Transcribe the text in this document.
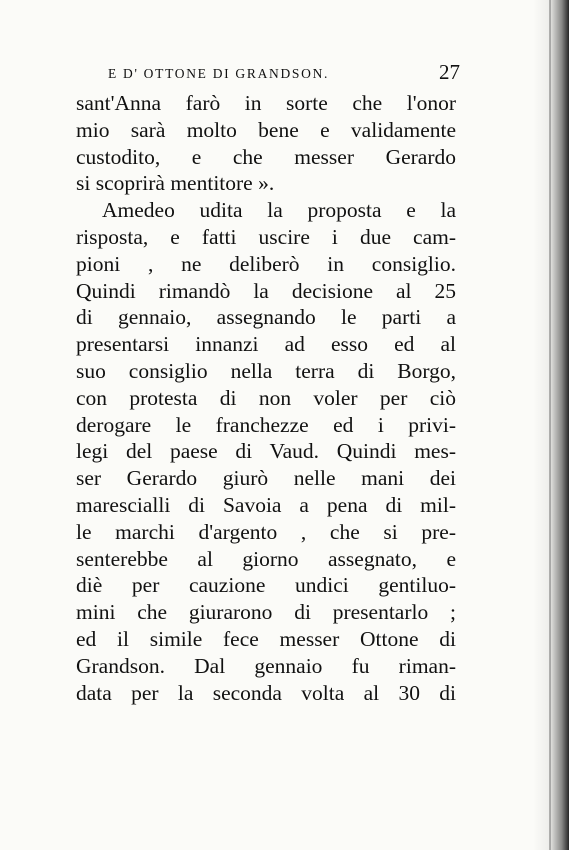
E D' OTTONE DI GRANDSON.	27
sant'Anna farò in sorte che l'onor
mio sarà molto bene e validamente
custodito, e che messer Gerardo
si scoprirà mentitore ».
Amedeo udita la proposta e la
risposta, e fatti uscire i due cam-
pioni , ne deliberò in consiglio.
Quindi rimandò la decisione al 25
di gennaio, assegnando le parti a
presentarsi innanzi ad esso ed al
suo consiglio nella terra di Borgo,
con protesta di non voler per ciò
derogare le franchezze ed i privi-
legi del paese di Vaud. Quindi mes-
ser Gerardo giurò nelle mani dei
marescialli di Savoia a pena di mil-
le marchi d'argento , che si pre-
senterebbe al giorno assegnato, e
diè per cauzione undici gentiluo-
mini che giurarono di presentarlo ;
ed il simile fece messer Ottone di
Grandson. Dal gennaio fu riman-
data per la seconda volta al 30 di
